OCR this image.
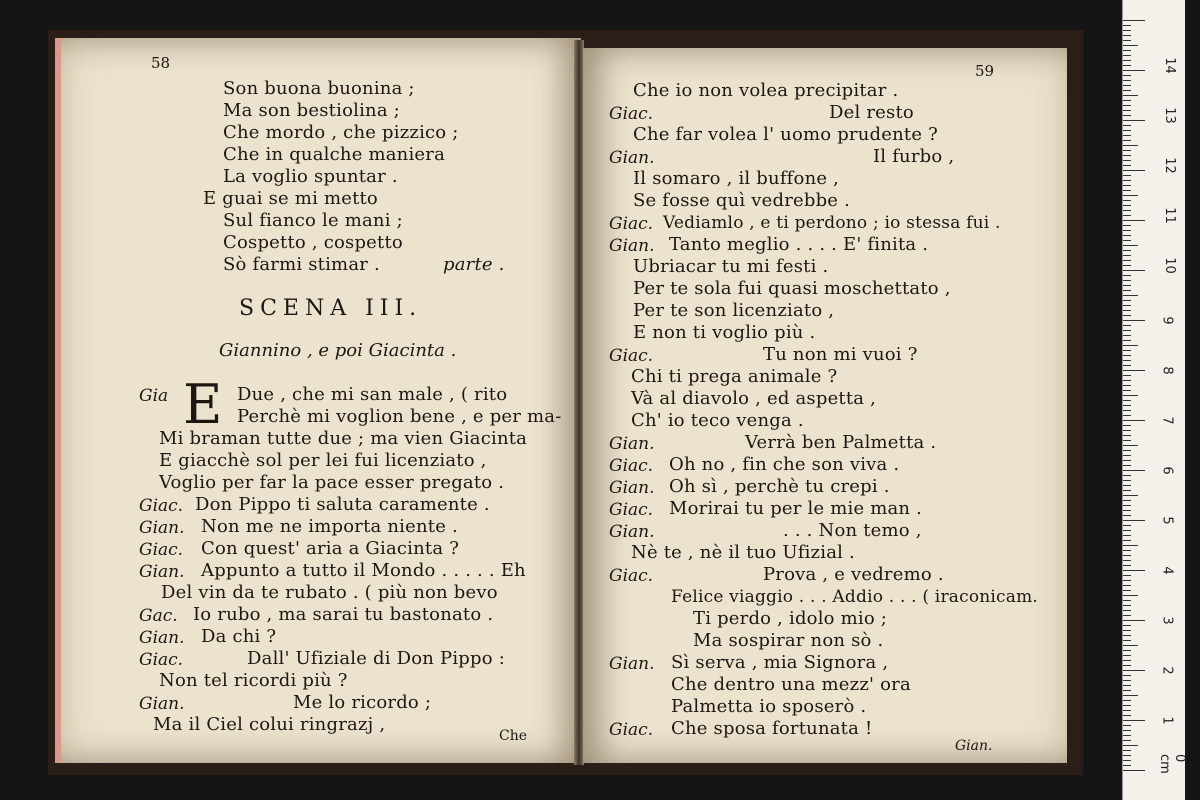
58
Son buona buonina ;
Ma son bestiolina ;
Che mordo , che pizzico ;
Che in qualche maniera
La voglio spuntar .
E guai se mi metto
Sul fianco le mani ;
Cospetto , cospetto
Sò farmi stimar .	parte .
SCENA III.
Giannino , e poi Giacinta .
E
Gia	Due , che mi san male , ( rito
Perchè mi voglion bene , e per ma-
Mi braman tutte due ; ma vien Giacinta
E giacchè sol per lei fui licenziato ,
Voglio per far la pace esser pregato .
Giac. Don Pippo ti saluta caramente .
Gian. Non me ne importa niente .
Giac. Con quest' aria a Giacinta ?
Gian. Appunto a tutto il Mondo . . . . . Eh
Del vin da te rubato . ( più non bevo
Gac. Io rubo , ma sarai tu bastonato .
Gian. Da chi ?
Giac.	Dall' Ufiziale di Don Pippo :
Non tel ricordi più ?
Gian.	Me lo ricordo ;
Ma il Ciel colui ringrazj ,
Che
59
Che io non volea precipitar .
Giac.	Del resto
Che far volea l' uomo prudente ?
Gian.	Il furbo ,
Il somaro , il buffone ,
Se fosse quì vedrebbe .
Giac. Vediamlo , e ti perdono ; io stessa fui .
Gian. Tanto meglio . . . . E' finita .
Ubriacar tu mi festi .
Per te sola fui quasi moschettato ,
Per te son licenziato ,
E non ti voglio più .
Giac.	Tu non mi vuoi ?
Chi ti prega animale ?
Và al diavolo , ed aspetta ,
Ch' io teco venga .
Gian.	Verrà ben Palmetta .
Giac. Oh no , fin che son viva .
Gian. Oh sì , perchè tu crepi .
Giac. Morirai tu per le mie man .
Gian.	. . . Non temo ,
Nè te , nè il tuo Ufizial .
Giac.	Prova , e vedremo .
Felice viaggio . . . Addio . . . ( iraconicam.
Ti perdo , idolo mio ;
Ma sospirar non sò .
Gian. Sì serva , mia Signora ,
Che dentro una mezz' ora
Palmetta io sposerò .
Giac. Che sposa fortunata !
Gian.
0 cm
1
2
3
4
5
6
7
8
9
10
11
12
13
14
